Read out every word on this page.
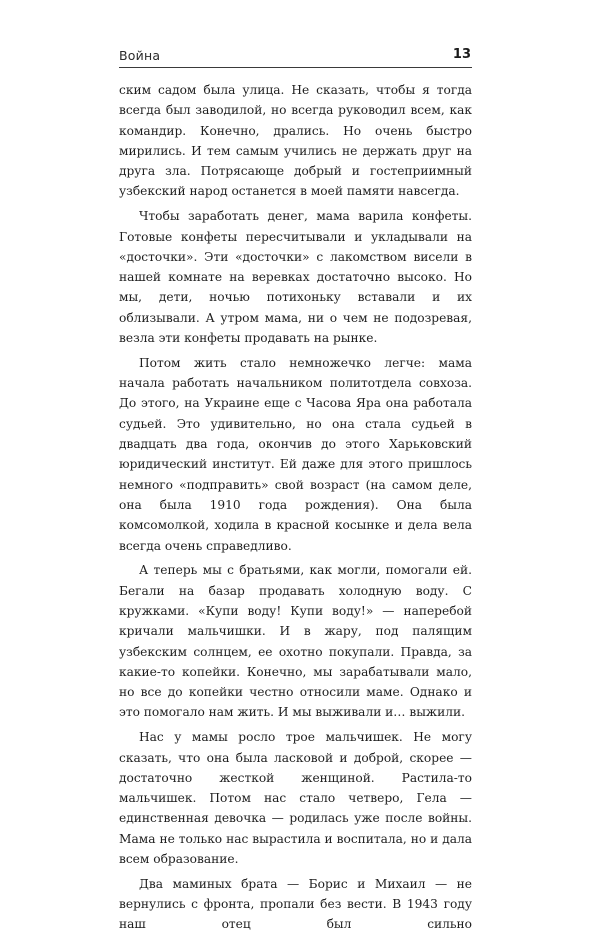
Война	13

ским садом была улица. Не сказать, чтобы я тогда всегда был заводилой, но всегда руководил всем, как командир. Конечно, дрались. Но очень быстро мирились. И тем самым учились не держать друг на друга зла. Потрясающе добрый и гостеприимный узбекский народ останется в моей памяти навсегда.

Чтобы заработать денег, мама варила конфеты. Готовые конфеты пересчитывали и укладывали на «досточки». Эти «досточки» с лакомством висели в нашей комнате на веревках достаточно высоко. Но мы, дети, ночью потихоньку вставали и их облизывали. А утром мама, ни о чем не подозревая, везла эти конфеты продавать на рынке.

Потом жить стало немножечко легче: мама начала работать начальником политотдела совхоза. До этого, на Украине еще с Часова Яра она работала судьей. Это удивительно, но она стала судьей в двадцать два года, окончив до этого Харьковский юридический институт. Ей даже для этого пришлось немного «подправить» свой возраст (на самом деле, она была 1910 года рождения). Она была комсомолкой, ходила в красной косынке и дела вела всегда очень справедливо.

А теперь мы с братьями, как могли, помогали ей. Бегали на базар продавать холодную воду. С кружками. «Купи воду! Купи воду!» — наперебой кричали мальчишки. И в жару, под палящим узбекским солнцем, ее охотно покупали. Правда, за какие-то копейки. Конечно, мы зарабатывали мало, но все до копейки честно относили маме. Однако и это помогало нам жить. И мы выживали и… выжили.

Нас у мамы росло трое мальчишек. Не могу сказать, что она была ласковой и доброй, скорее — достаточно жесткой женщиной. Растила-то мальчишек. Потом нас стало четверо, Гела — единственная девочка — родилась уже после войны. Мама не только нас вырастила и воспитала, но и дала всем образование.

Два маминых брата — Борис и Михаил — не вернулись с фронта, пропали без вести. В 1943 году наш отец был сильно
